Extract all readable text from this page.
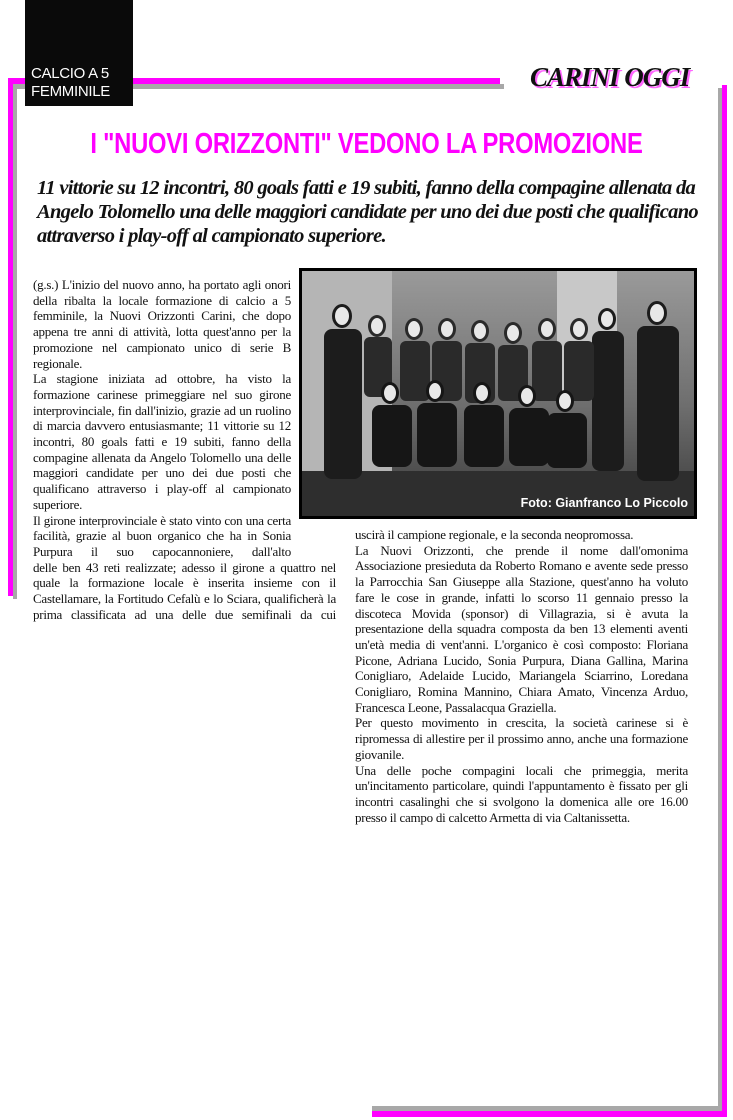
CALCIO A 5
FEMMINILE	CARINI OGGI
I "NUOVI ORIZZONTI" VEDONO LA PROMOZIONE
11 vittorie su 12 incontri, 80 goals fatti e 19 subiti, fanno della compagine allenata da Angelo Tolomello una delle maggiori candidate per uno dei due posti che qualificano attraverso i play-off al campionato superiore.

(g.s.) L'inizio del nuovo anno, ha portato agli onori della ribalta la locale formazione di calcio a 5 femminile, la Nuovi Orizzonti Carini, che dopo appena tre anni di attività, lotta quest'anno per la promozione nel campionato unico di serie B regionale.

La stagione iniziata ad ottobre, ha visto la formazione carinese primeggiare nel suo girone interprovinciale, fin dall'inizio, grazie ad un ruolino di marcia davvero entusiasmante; 11 vittorie su 12 incontri, 80 goals fatti e 19 subiti, fanno della compagine allenata da Angelo Tolomello una delle maggiori candidate per uno dei due posti che qualificano attraverso i play-off al campionato superiore.

Il girone interprovinciale è stato vinto con una certa facilità, grazie al buon organico che ha in Sonia Purpura il suo capocannoniere, dall'alto

delle ben 43 reti realizzate; adesso il girone a quattro nel quale la formazione locale è inserita insieme con il Castellamare, la Fortitudo Cefalù e lo Sciara, qualificherà la prima classificata ad una delle due semifinali da cui

Foto: Gianfranco Lo Piccolo

uscirà il campione regionale, e la seconda neopromossa.

La Nuovi Orizzonti, che prende il nome dall'omonima Associazione presieduta da Roberto Romano e avente sede presso la Parrocchia San Giuseppe alla Stazione, quest'anno ha voluto fare le cose in grande, infatti lo scorso 11 gennaio presso la discoteca Movida (sponsor) di Villagrazia, si è avuta la presentazione della squadra composta da ben 13 elementi aventi un'età media di vent'anni. L'organico è così composto: Floriana Picone, Adriana Lucido, Sonia Purpura, Diana Gallina, Marina Conigliaro, Adelaide Lucido, Mariangela Sciarrino, Loredana Conigliaro, Romina Mannino, Chiara Amato, Vincenza Arduo, Francesca Leone, Passalacqua Graziella.

Per questo movimento in crescita, la società carinese si è ripromessa di allestire per il prossimo anno, anche una formazione giovanile.

Una delle poche compagini locali che primeggia, merita un'incitamento particolare, quindi l'appuntamento è fissato per gli incontri casalinghi che si svolgono la domenica alle ore 16.00 presso il campo di calcetto Armetta di via Caltanissetta.
